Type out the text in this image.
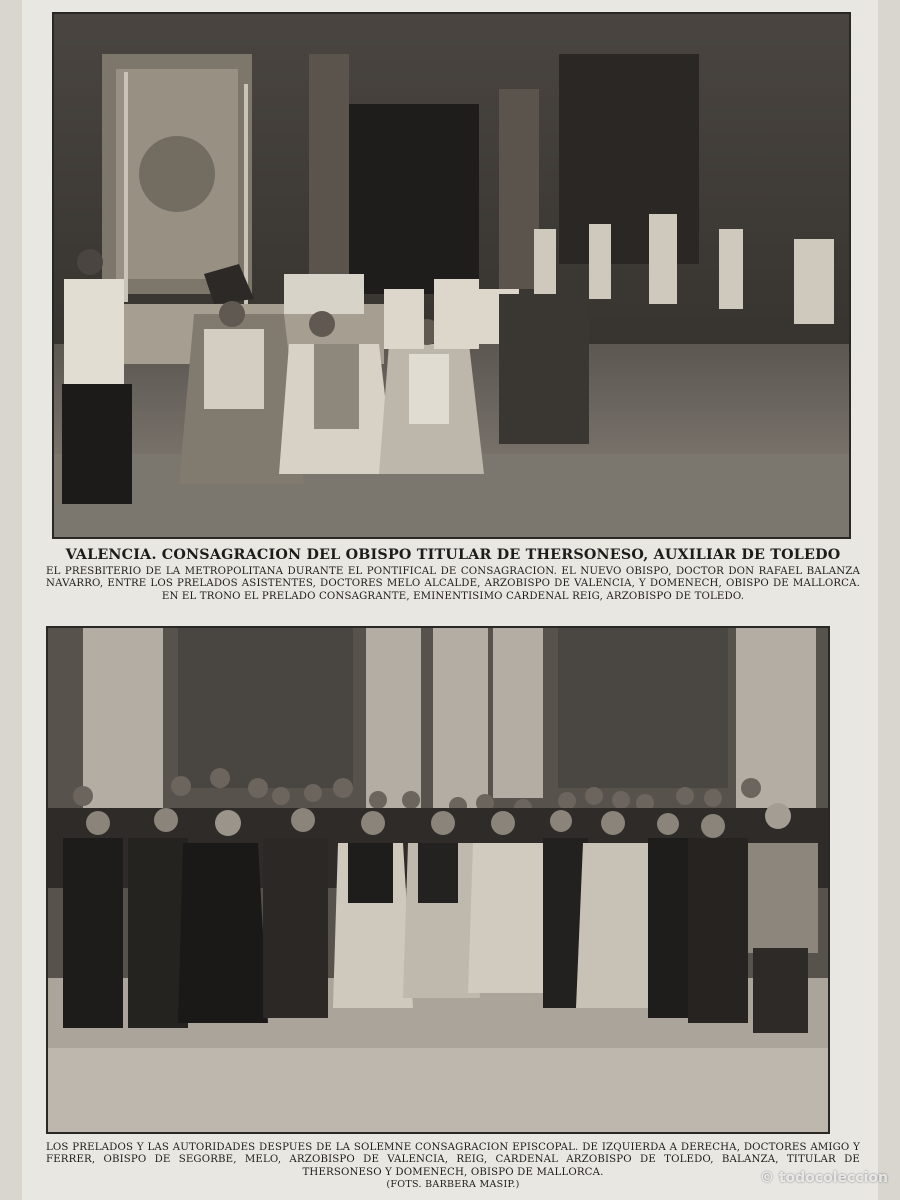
VALENCIA. CONSAGRACION DEL OBISPO TITULAR DE THERSONESO, AUXILIAR DE TOLEDO
EL PRESBITERIO DE LA METROPOLITANA DURANTE EL PONTIFICAL DE CONSAGRACION. EL NUEVO OBISPO, DOCTOR DON RAFAEL BALANZA NAVARRO, ENTRE LOS PRELADOS ASISTENTES, DOCTORES MELO ALCALDE, ARZOBISPO DE VALENCIA, Y DOMENECH, OBISPO DE MALLORCA. EN EL TRONO EL PRELADO CONSAGRANTE, EMINENTISIMO CARDENAL REIG, ARZOBISPO DE TOLEDO.
LOS PRELADOS Y LAS AUTORIDADES DESPUES DE LA SOLEMNE CONSAGRACION EPISCOPAL. DE IZQUIERDA A DERECHA, DOCTORES AMIGO Y FERRER, OBISPO DE SEGORBE, MELO, ARZOBISPO DE VALENCIA, REIG, CARDENAL ARZOBISPO DE TOLEDO, BALANZA, TITULAR DE THERSONESO Y DOMENECH, OBISPO DE MALLORCA.
(FOTS. BARBERA MASIP.)	© todocoleccion
